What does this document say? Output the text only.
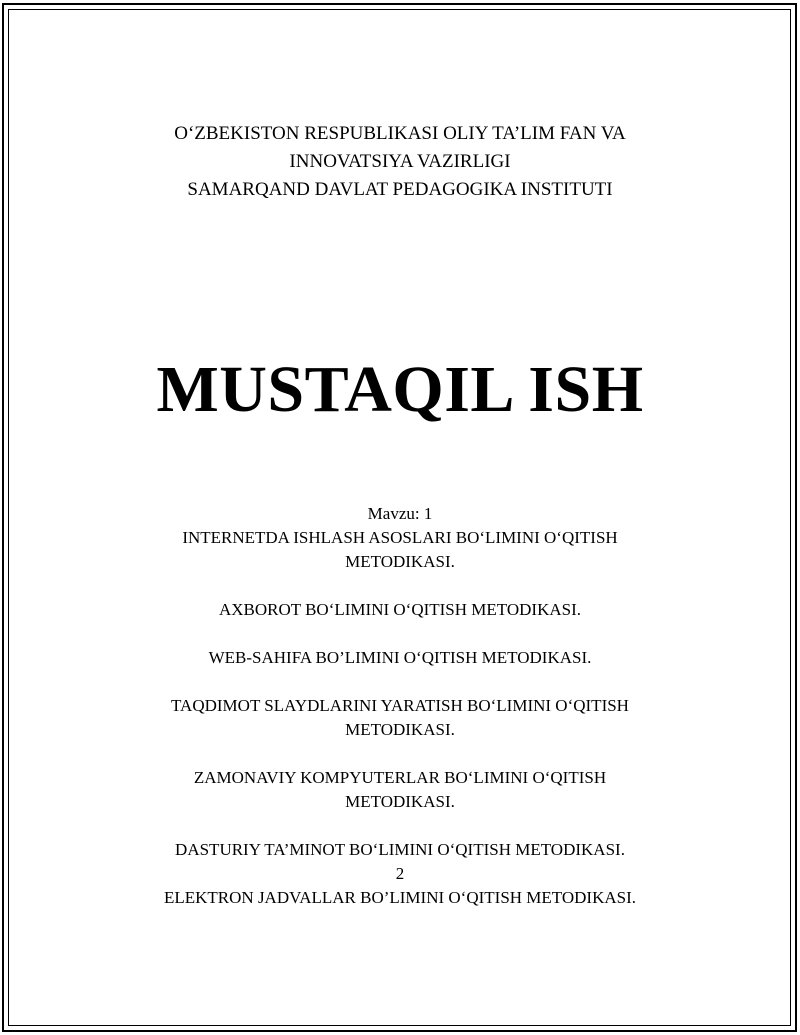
O‘ZBEKISTON RESPUBLIKASI OLIY TA’LIM FAN VA
INNOVATSIYA VAZIRLIGI
SAMARQAND DAVLAT PEDAGOGIKA INSTITUTI
MUSTAQIL ISH
Mavzu: 1
INTERNETDA ISHLASH ASOSLARI BO‘LIMINI O‘QITISH
METODIKASI.
AXBOROT BO‘LIMINI O‘QITISH METODIKASI.
WEB-SAHIFA BO’LIMINI O‘QITISH METODIKASI.
TAQDIMOT SLAYDLARINI YARATISH BO‘LIMINI O‘QITISH
METODIKASI.
ZAMONAVIY KOMPYUTERLAR BO‘LIMINI O‘QITISH
METODIKASI.
DASTURIY TA’MINOT BO‘LIMINI O‘QITISH METODIKASI.
2
ELEKTRON JADVALLAR BO’LIMINI O‘QITISH METODIKASI.
